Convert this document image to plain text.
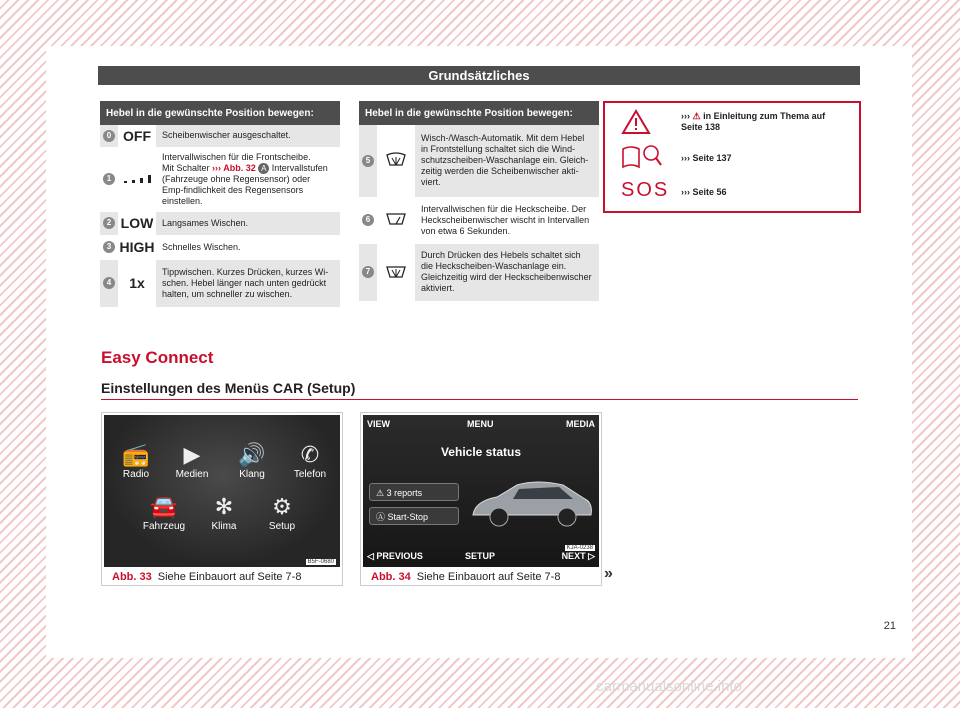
Grundsätzliches
Hebel in die gewünschte Position bewegen:		
0	OFF	Scheibenwischer ausgeschaltet.
1		Intervallwischen für die Frontscheibe.
Mit Schalter ››› Abb. 32 A Intervallstufen (Fahrzeuge ohne Regensensor) oder Emp-findlichkeit des Regensensors einstellen.
2	LOW	Langsames Wischen.
3	HIGH	Schnelles Wischen.
4	1x	Tippwischen. Kurzes Drücken, kurzes Wi-schen. Hebel länger nach unten gedrückt halten, um schneller zu wischen.
Hebel in die gewünschte Position bewegen:		
5		Wisch-/Wasch-Automatik. Mit dem Hebel in Frontstellung schaltet sich die Wind-schutzscheiben-Waschanlage ein. Gleich-zeitig werden die Scheibenwischer akti-viert.
6		Intervallwischen für die Heckscheibe. Der Heckscheibenwischer wischt in Intervallen von etwa 6 Sekunden.
7		Durch Drücken des Hebels schaltet sich die Heckscheiben-Waschanlage ein. Gleichzeitig wird der Heckscheibenwischer aktiviert.
››› ⚠ in Einleitung zum Thema auf
Seite 138
››› Seite 137
SOS ››› Seite 56
Easy Connect
Einstellungen des Menüs CAR (Setup)
📻
Radio
▶
Medien
🔊
Klang
✆
Telefon
🚘
Fahrzeug
✻
Klima
⚙
Setup
B5F-0680
Abb. 33 Siehe Einbauort auf Seite 7-8
VIEW	MENU	MEDIA
Vehicle status
⚠ 3 reports
Ⓐ Start-Stop
◁ PREVIOUS	SETUP	NEXT ▷
KJA-0238
Abb. 34 Siehe Einbauort auf Seite 7-8	»
21
carmanualsonline.info
